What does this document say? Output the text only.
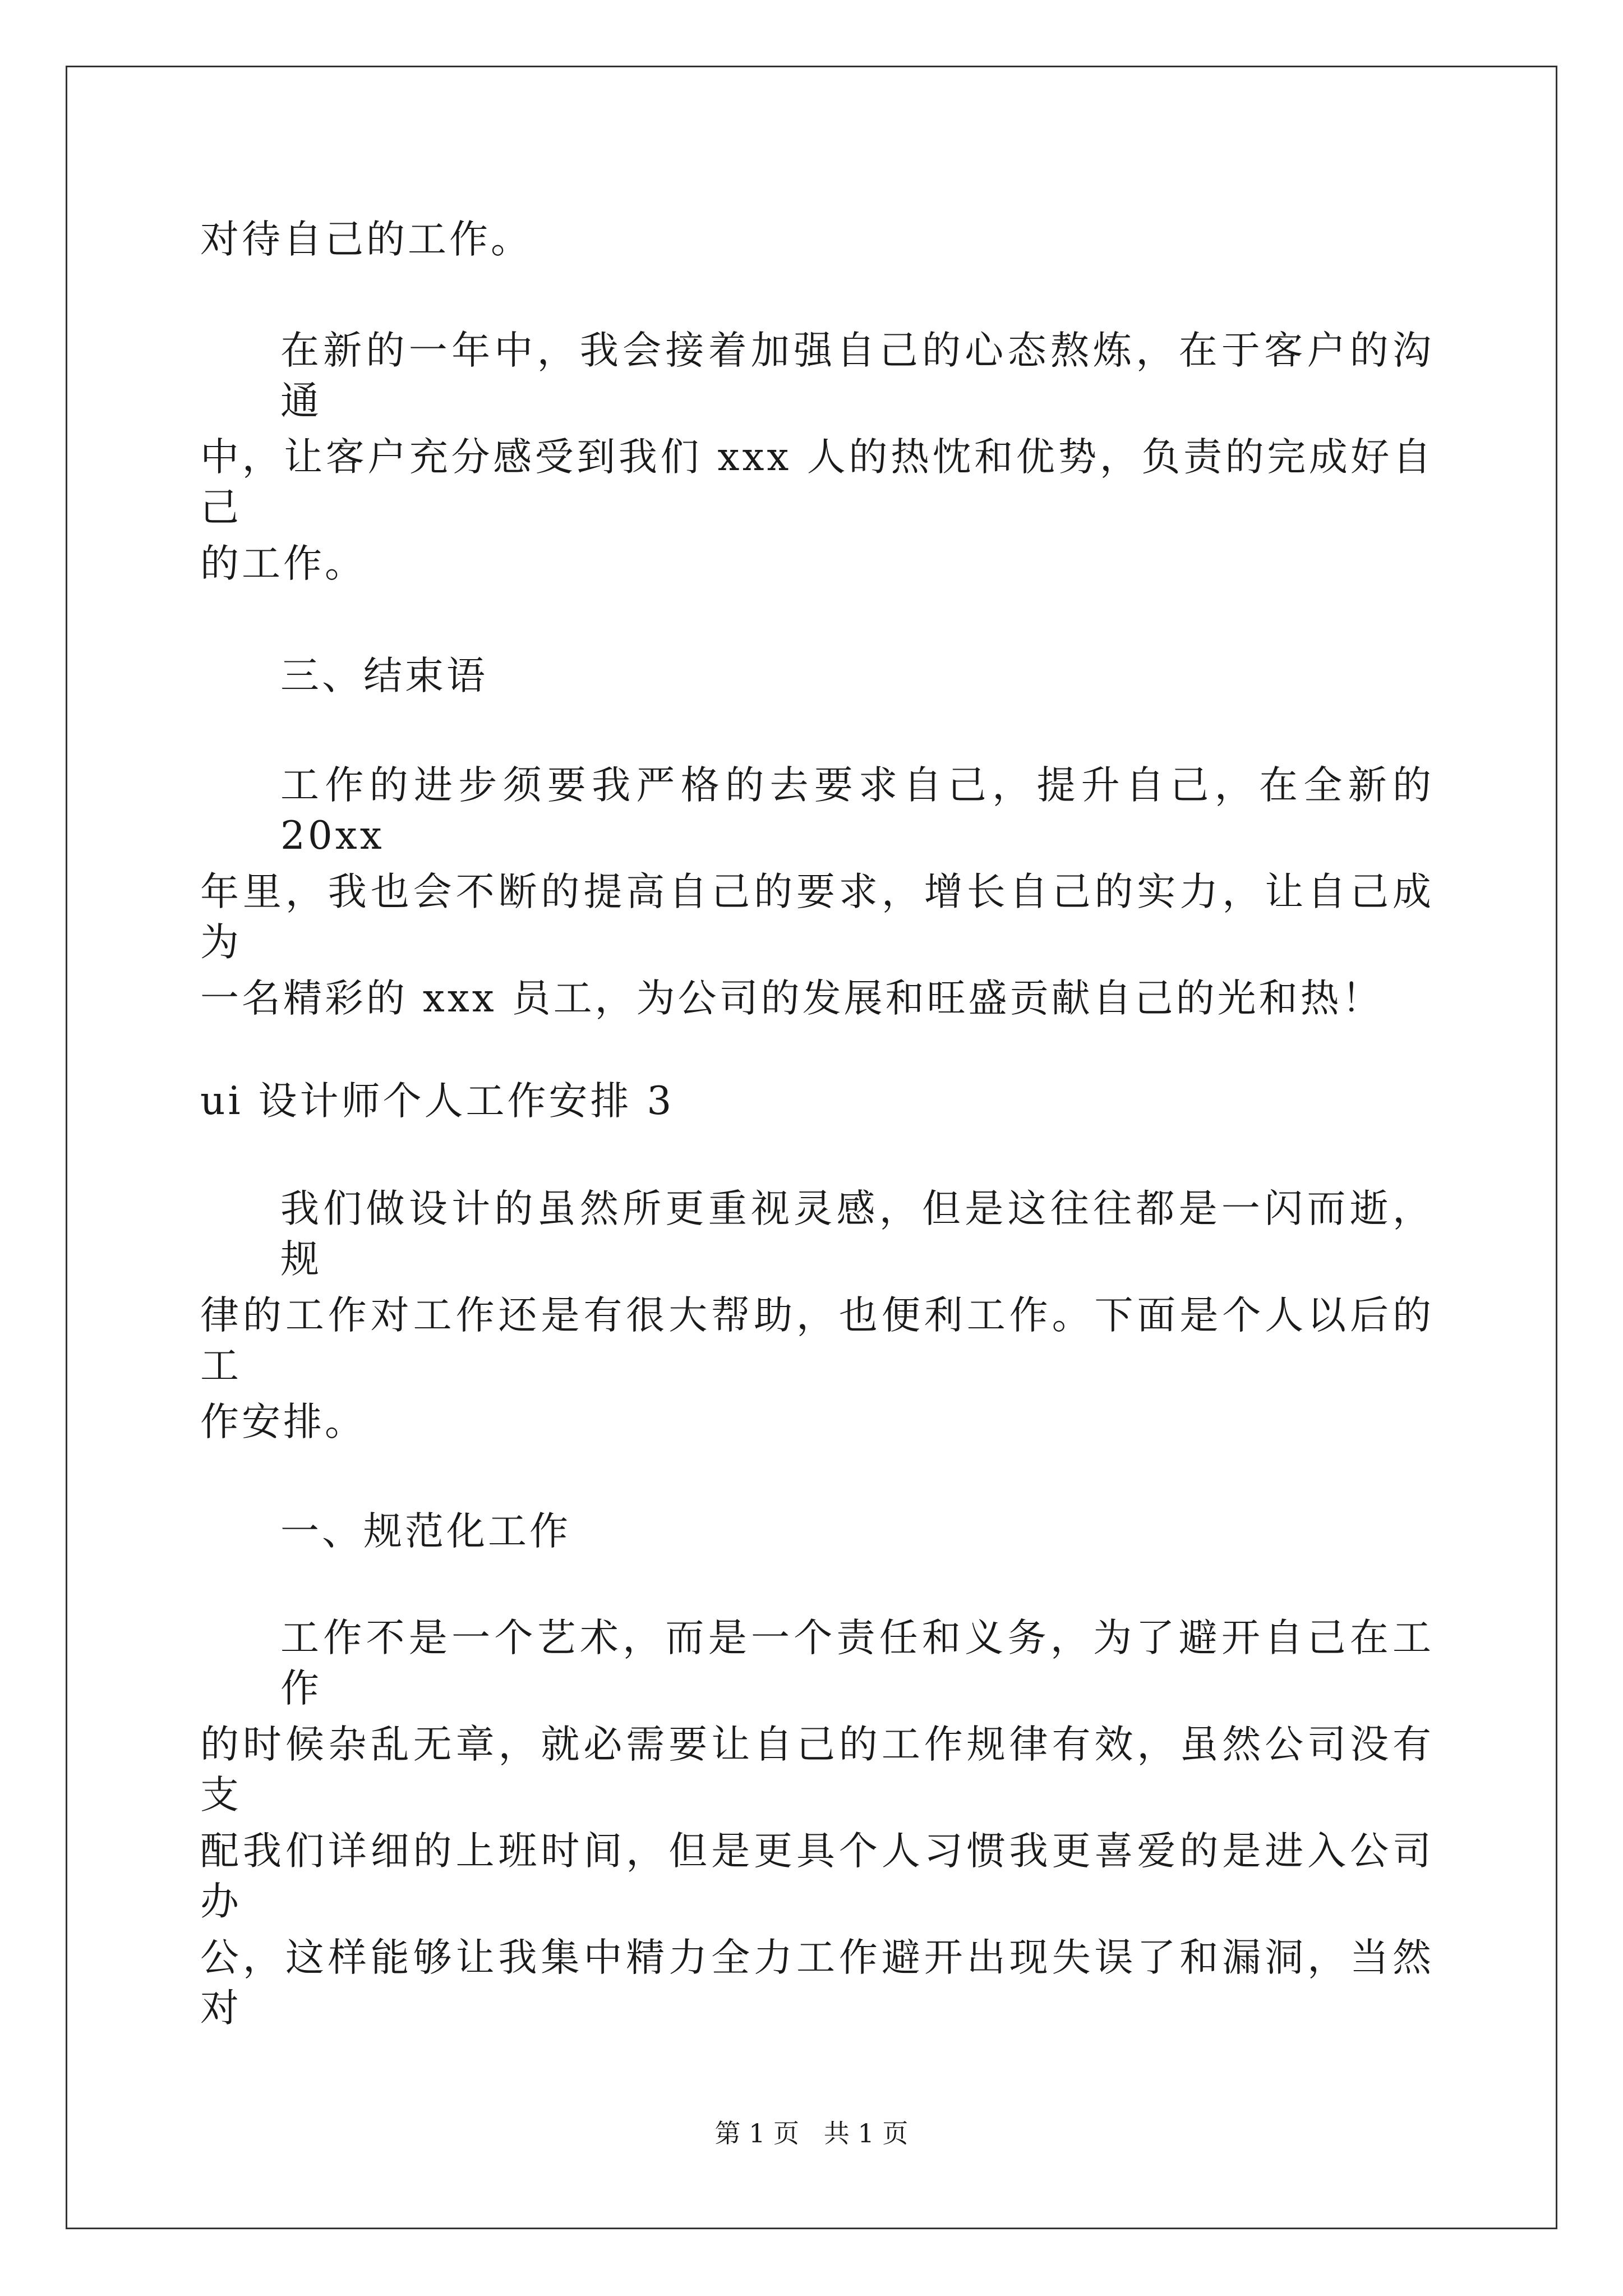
对待自己的工作。
在新的一年中，我会接着加强自己的心态熬炼，在于客户的沟通
中，让客户充分感受到我们 xxx 人的热忱和优势，负责的完成好自己
的工作。
三、结束语
工作的进步须要我严格的去要求自己，提升自己，在全新的 20xx
年里，我也会不断的提高自己的要求，增长自己的实力，让自己成为
一名精彩的 xxx 员工，为公司的发展和旺盛贡献自己的光和热！
ui 设计师个人工作安排 3
我们做设计的虽然所更重视灵感，但是这往往都是一闪而逝，规
律的工作对工作还是有很大帮助，也便利工作。下面是个人以后的工
作安排。
一、规范化工作
工作不是一个艺术，而是一个责任和义务，为了避开自己在工作
的时候杂乱无章，就必需要让自己的工作规律有效，虽然公司没有支
配我们详细的上班时间，但是更具个人习惯我更喜爱的是进入公司办
公，这样能够让我集中精力全力工作避开出现失误了和漏洞，当然对
第 1 页   共 1 页
